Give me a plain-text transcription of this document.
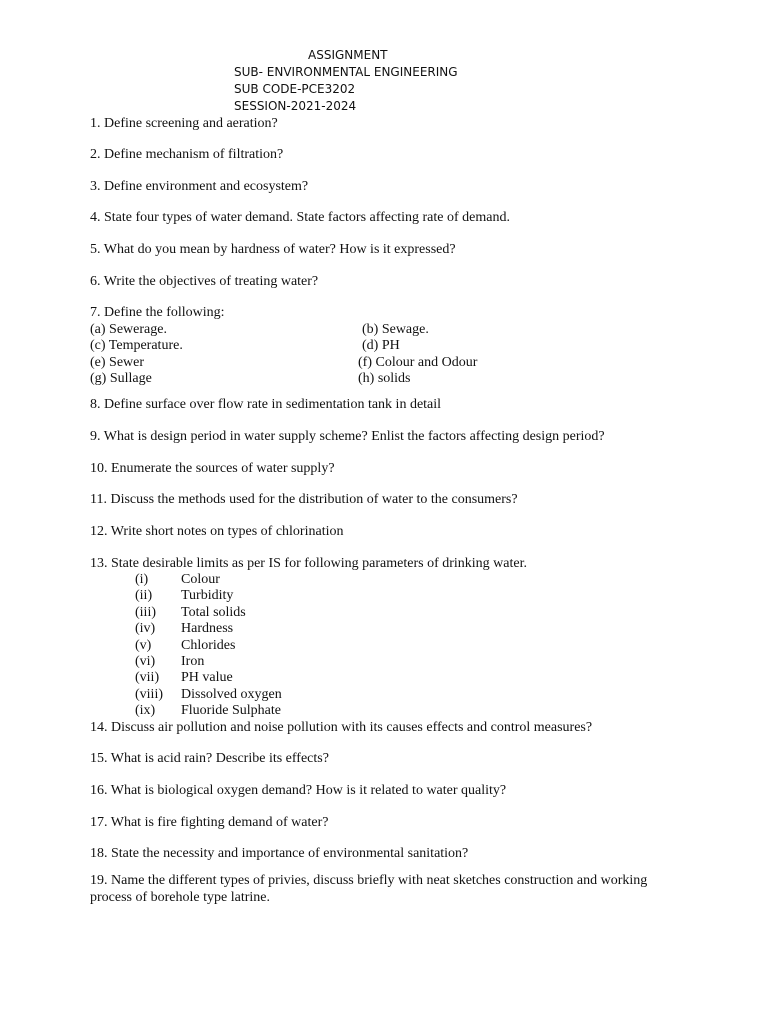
ASSIGNMENT
SUB- ENVIRONMENTAL ENGINEERING
SUB CODE-PCE3202
SESSION-2021-2024
1. Define screening and aeration?
2. Define mechanism of filtration?
3. Define environment and ecosystem?
4. State four types of water demand. State factors affecting rate of demand.
5. What do you mean by hardness of water? How is it expressed?
6. Write the objectives of treating water?
7. Define the following:
(a) Sewerage.	(b) Sewage.
(c) Temperature.	(d) PH
(e) Sewer	(f) Colour and Odour
(g) Sullage	(h) solids
8. Define surface over flow rate in sedimentation tank in detail
9. What is design period in water supply scheme? Enlist the factors affecting design period?
10. Enumerate the sources of water supply?
11. Discuss the methods used for the distribution of water to the consumers?
12. Write short notes on types of chlorination
13. State desirable limits as per IS for following parameters of drinking water.
(i) Colour
(ii) Turbidity
(iii) Total solids
(iv) Hardness
(v) Chlorides
(vi) Iron
(vii) PH value
(viii) Dissolved oxygen
(ix) Fluoride Sulphate
14. Discuss air pollution and noise pollution with its causes effects and control measures?
15. What is acid rain? Describe its effects?
16. What is biological oxygen demand? How is it related to water quality?
17. What is fire fighting demand of water?
18. State the necessity and importance of environmental sanitation?
19. Name the different types of privies, discuss briefly with neat sketches construction and working process of borehole type latrine.
